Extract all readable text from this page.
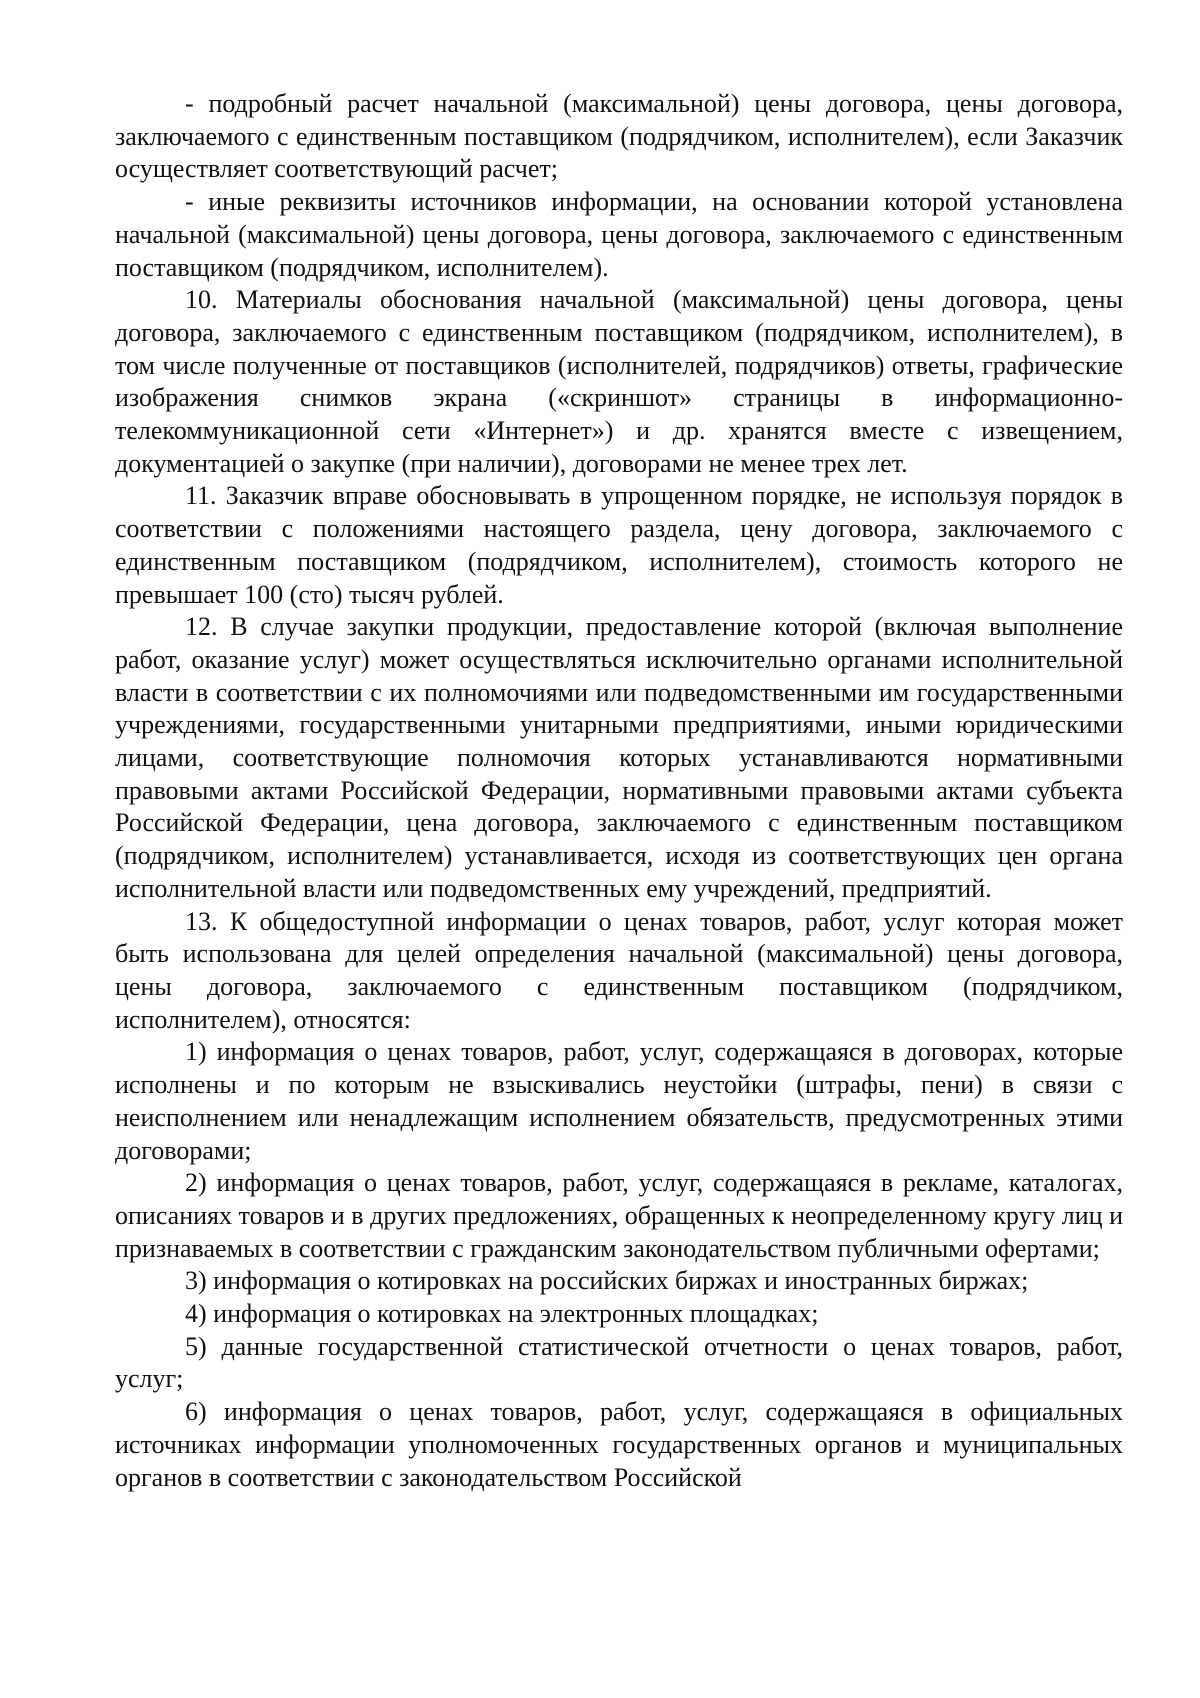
- подробный расчет начальной (максимальной) цены договора, цены договора, заключаемого с единственным поставщиком (подрядчиком, исполнителем), если Заказчик осуществляет соответствующий расчет;

- иные реквизиты источников информации, на основании которой установлена начальной (максимальной) цены договора, цены договора, заключаемого с единственным поставщиком (подрядчиком, исполнителем).

10. Материалы обоснования начальной (максимальной) цены договора, цены договора, заключаемого с единственным поставщиком (подрядчиком, исполнителем), в том числе полученные от поставщиков (исполнителей, подрядчиков) ответы, графические изображения снимков экрана («скриншот» страницы в информационно-телекоммуникационной сети «Интернет») и др. хранятся вместе с извещением, документацией о закупке (при наличии), договорами не менее трех лет.

11. Заказчик вправе обосновывать в упрощенном порядке, не используя порядок в соответствии с положениями настоящего раздела, цену договора, заключаемого с единственным поставщиком (подрядчиком, исполнителем), стоимость которого не превышает 100 (сто) тысяч рублей.

12. В случае закупки продукции, предоставление которой (включая выполнение работ, оказание услуг) может осуществляться исключительно органами исполнительной власти в соответствии с их полномочиями или подведомственными им государственными учреждениями, государственными унитарными предприятиями, иными юридическими лицами, соответствующие полномочия которых устанавливаются нормативными правовыми актами Российской Федерации, нормативными правовыми актами субъекта Российской Федерации, цена договора, заключаемого с единственным поставщиком (подрядчиком, исполнителем) устанавливается, исходя из соответствующих цен органа исполнительной власти или подведомственных ему учреждений, предприятий.

13. К общедоступной информации о ценах товаров, работ, услуг которая может быть использована для целей определения начальной (максимальной) цены договора, цены договора, заключаемого с единственным поставщиком (подрядчиком, исполнителем), относятся:

1) информация о ценах товаров, работ, услуг, содержащаяся в договорах, которые исполнены и по которым не взыскивались неустойки (штрафы, пени) в связи с неисполнением или ненадлежащим исполнением обязательств, предусмотренных этими договорами;

2) информация о ценах товаров, работ, услуг, содержащаяся в рекламе, каталогах, описаниях товаров и в других предложениях, обращенных к неопределенному кругу лиц и признаваемых в соответствии с гражданским законодательством публичными офертами;

3) информация о котировках на российских биржах и иностранных биржах;

4) информация о котировках на электронных площадках;

5) данные государственной статистической отчетности о ценах товаров, работ, услуг;

6) информация о ценах товаров, работ, услуг, содержащаяся в официальных источниках информации уполномоченных государственных органов и муниципальных органов в соответствии с законодательством Российской
